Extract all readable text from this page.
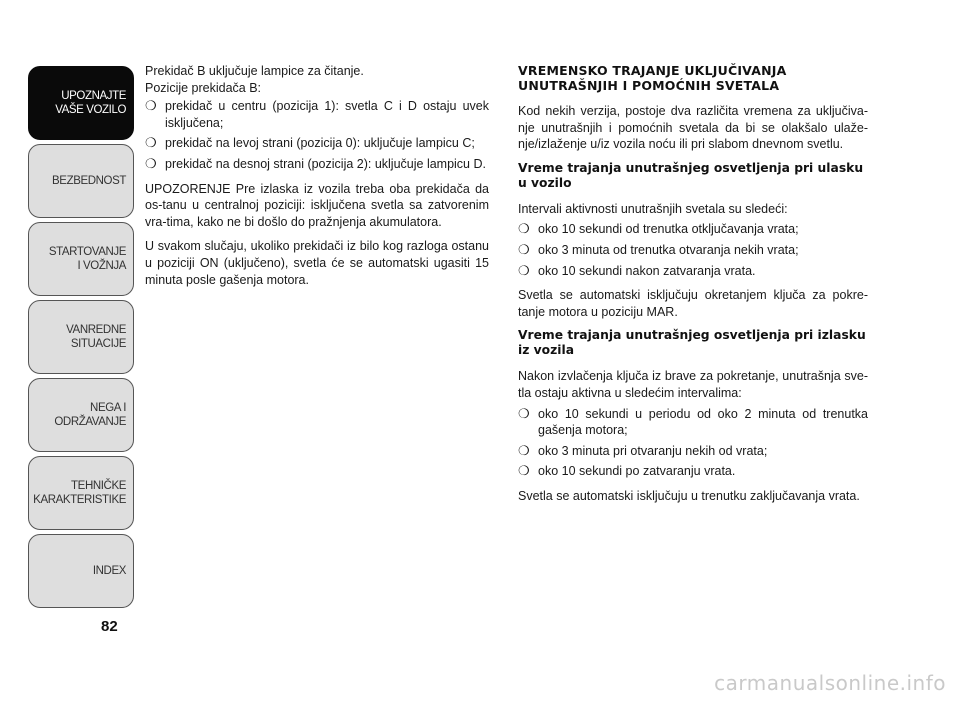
UPOZNAJTE
VAŠE VOZILO
BEZBEDNOST
STARTOVANJE
I VOŽNJA
VANREDNE
SITUACIJE
NEGA I
ODRŽAVANJE
TEHNIČKE
KARAKTERISTIKE
INDEX
82

Prekidač B uključuje lampice za čitanje.

Pozicije prekidača B:

❍ prekidač u centru (pozicija 1): svetla C i D ostaju uvek isključena;
❍ prekidač na levoj strani (pozicija 0): uključuje lampicu C;
❍ prekidač na desnoj strani (pozicija 2): uključuje lampicu D.

UPOZORENJE Pre izlaska iz vozila treba oba prekidača da os-tanu u centralnoj poziciji: isključena svetla sa zatvorenim vra-tima, kako ne bi došlo do pražnjenja akumulatora.

U svakom slučaju, ukoliko prekidači iz bilo kog razloga ostanu u poziciji ON (uključeno), svetla će se automatski ugasiti 15 minuta posle gašenja motora.

VREMENSKO TRAJANJE UKLJUČIVANJA UNUTRAŠNJIH I POMOĆNIH SVETALA

Kod nekih verzija, postoje dva različita vremena za uključiva-nje unutrašnjih i pomoćnih svetala da bi se olakšalo ulaže-nje/izlaženje u/iz vozila noću ili pri slabom dnevnom svetlu.

Vreme trajanja unutrašnjeg osvetljenja pri ulasku u vozilo

Intervali aktivnosti unutrašnjih svetala su sledeći:

❍ oko 10 sekundi od trenutka otključavanja vrata;
❍ oko 3 minuta od trenutka otvaranja nekih vrata;
❍ oko 10 sekundi nakon zatvaranja vrata.

Svetla se automatski isključuju okretanjem ključa za pokre-tanje motora u poziciju MAR.

Vreme trajanja unutrašnjeg osvetljenja pri izlasku iz vozila

Nakon izvlačenja ključa iz brave za pokretanje, unutrašnja sve-tla ostaju aktivna u sledećim intervalima:

❍ oko 10 sekundi u periodu od oko 2 minuta od trenutka gašenja motora;
❍ oko 3 minuta pri otvaranju nekih od vrata;
❍ oko 10 sekundi po zatvaranju vrata.

Svetla se automatski isključuju u trenutku zaključavanja vrata.

carmanualsonline.info
